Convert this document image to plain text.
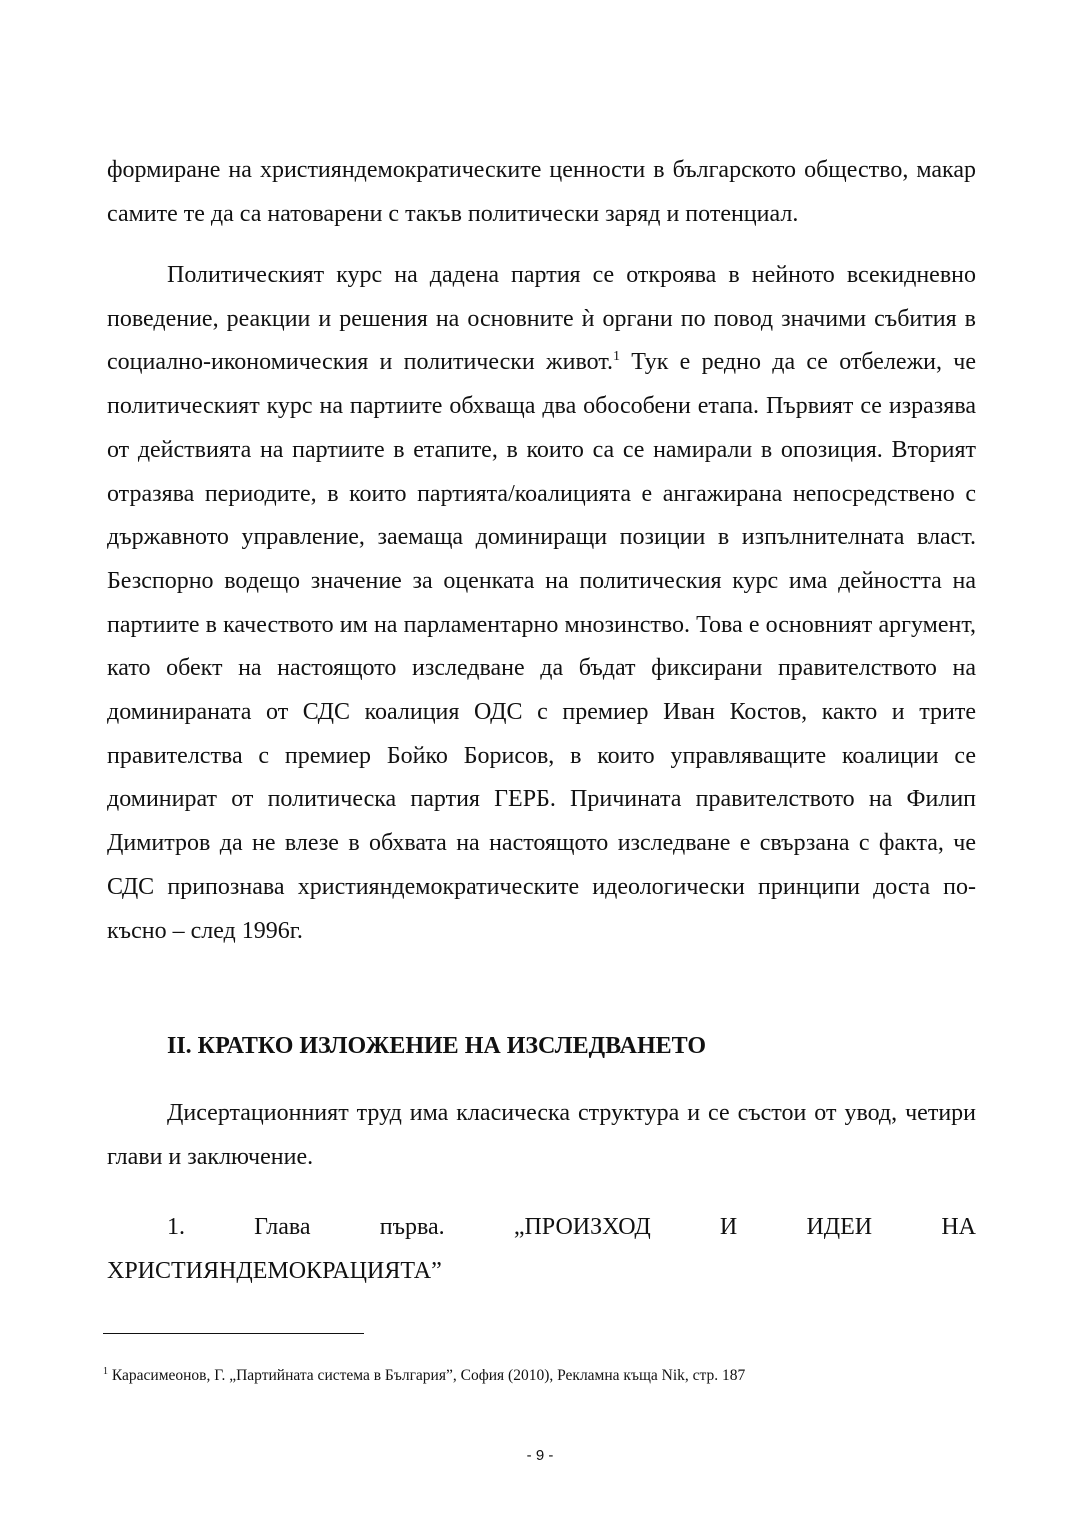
формиране на християндемократическите ценности в българското общество, макар самите те да са натоварени с такъв политически заряд и потенциал.

Политическият курс на дадена партия се откроява в нейното всекидневно поведение, реакции и решения на основните ѝ органи по повод значими събития в социално-икономическия и политически живот.$^1$ Тук е редно да се отбележи, че политическият курс на партиите обхваща два обособени етапа. Първият се изразява от действията на партиите в етапите, в които са се намирали в опозиция. Вторият отразява периодите, в които партията/коалицията е ангажирана непосредствено с държавното управление, заемаща доминиращи позиции в изпълнителната власт. Безспорно водещо значение за оценката на политическия курс има дейността на партиите в качеството им на парламентарно мнозинство. Това е основният аргумент, като обект на настоящото изследване да бъдат фиксирани правителството на доминираната от СДС коалиция ОДС с премиер Иван Костов, както и трите правителства с премиер Бойко Борисов, в които управляващите коалиции се доминират от политическа партия ГЕРБ. Причината правителството на Филип Димитров да не влезе в обхвата на настоящото изследване е свързана с факта, че СДС припознава християндемократическите идеологически принципи доста по-късно – след 1996г.

II. КРАТКО ИЗЛОЖЕНИЕ НА ИЗСЛЕДВАНЕТО

Дисертационният труд има класическа структура и се състои от увод, четири глави и заключение.

1.	Глава	първа.	„ПРОИЗХОД	И	ИДЕИ	НА
ХРИСТИЯНДЕМОКРАЦИЯТА”

$^1$ Карасимеонов, Г. „Партийната система в България”, София (2010), Рекламна къща Nik, стр. 187

- 9 -
